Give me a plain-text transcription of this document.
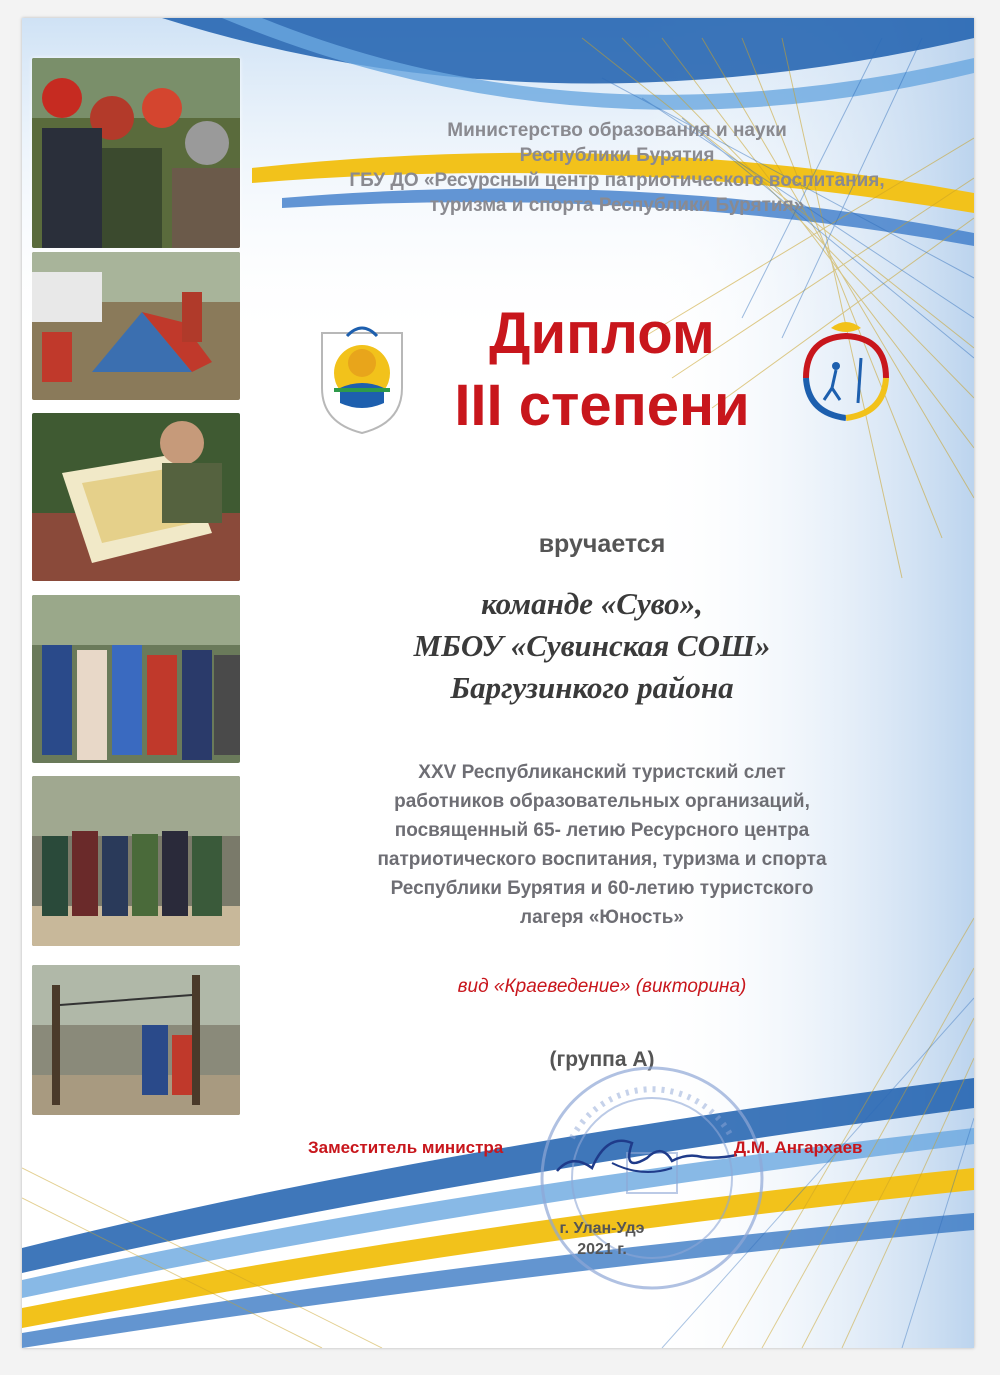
Министерство образования и науки
Республики Бурятия
ГБУ ДО «Ресурсный центр патриотического воспитания,
туризма и спорта Республики Бурятия»
Диплом
III степени
вручается
команде «Суво»,
МБОУ «Сувинская СОШ»
Баргузинкого района
XXV Республиканский туристский слет
работников образовательных организаций,
посвященный 65- летию Ресурсного центра
патриотического воспитания, туризма и спорта
Республики Бурятия и 60-летию туристского
лагеря «Юность»
вид «Краеведение» (викторина)
(группа А)
Заместитель министра	Д.М. Ангархаев
г. Улан-Удэ
2021 г.
